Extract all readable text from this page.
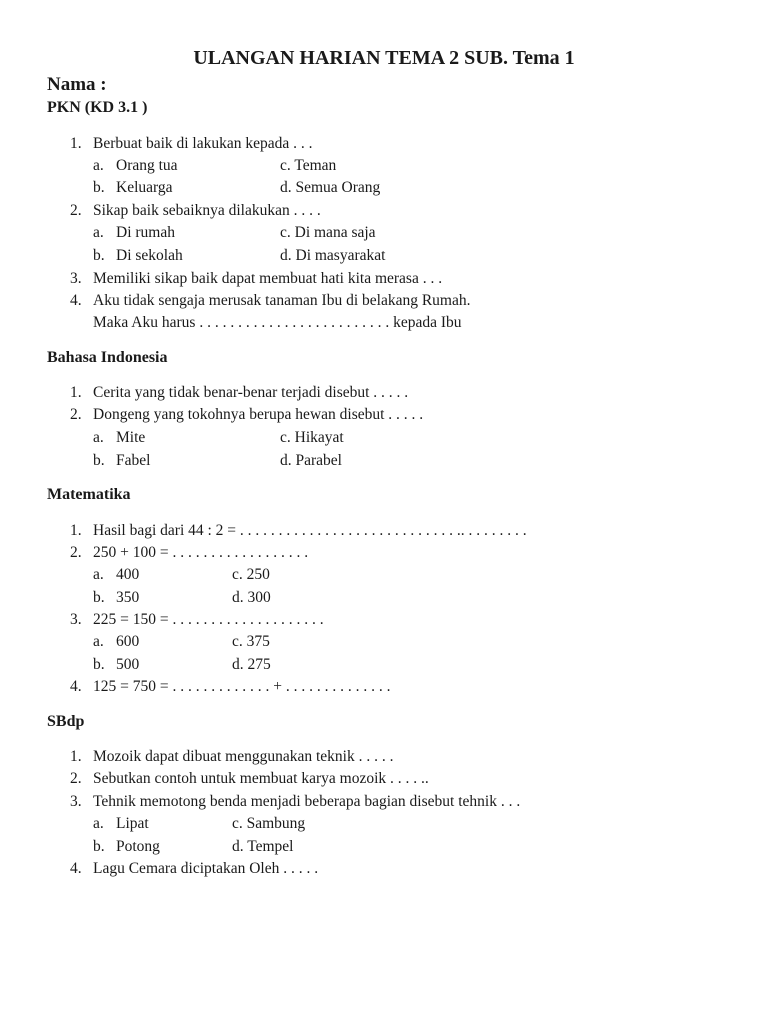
ULANGAN HARIAN TEMA 2 SUB. Tema 1
Nama :
PKN (KD 3.1 )
1. Berbuat baik di lakukan kepada . . .
a. Orang tua	c. Teman
b. Keluarga	d. Semua Orang
2. Sikap baik sebaiknya dilakukan . . . .
a. Di rumah	c. Di mana saja
b. Di sekolah	d. Di masyarakat
3. Memiliki sikap baik dapat membuat hati kita merasa . . .
4. Aku tidak sengaja merusak tanaman Ibu di belakang Rumah.
Maka Aku harus . . . . . . . . . . . . . . . . . . . . . . . . . kepada Ibu
Bahasa Indonesia
1. Cerita yang tidak benar-benar terjadi disebut . . . . .
2. Dongeng yang tokohnya berupa hewan disebut . . . . .
a. Mite	c. Hikayat
b. Fabel	d. Parabel
Matematika
1. Hasil bagi dari 44 : 2 = . . . . . . . . . . . . . . . . . . . . . . . . . . . . .. . . . . . . . .
2. 250 + 100 = . . . . . . . . . . . . . . . . . .
a. 400	c. 250
b. 350	d. 300
3. 225 = 150 = . . . . . . . . . . . . . . . . . . . .
a. 600	c. 375
b. 500	d. 275
4. 125 = 750 = . . . . . . . . . . . . . + . . . . . . . . . . . . . .
SBdp
1. Mozoik dapat dibuat menggunakan teknik . . . . .
2. Sebutkan contoh untuk membuat karya mozoik . . . . ..
3. Tehnik memotong benda menjadi beberapa bagian disebut tehnik . . .
a. Lipat	c. Sambung
b. Potong	d. Tempel
4. Lagu Cemara diciptakan Oleh . . . . .
